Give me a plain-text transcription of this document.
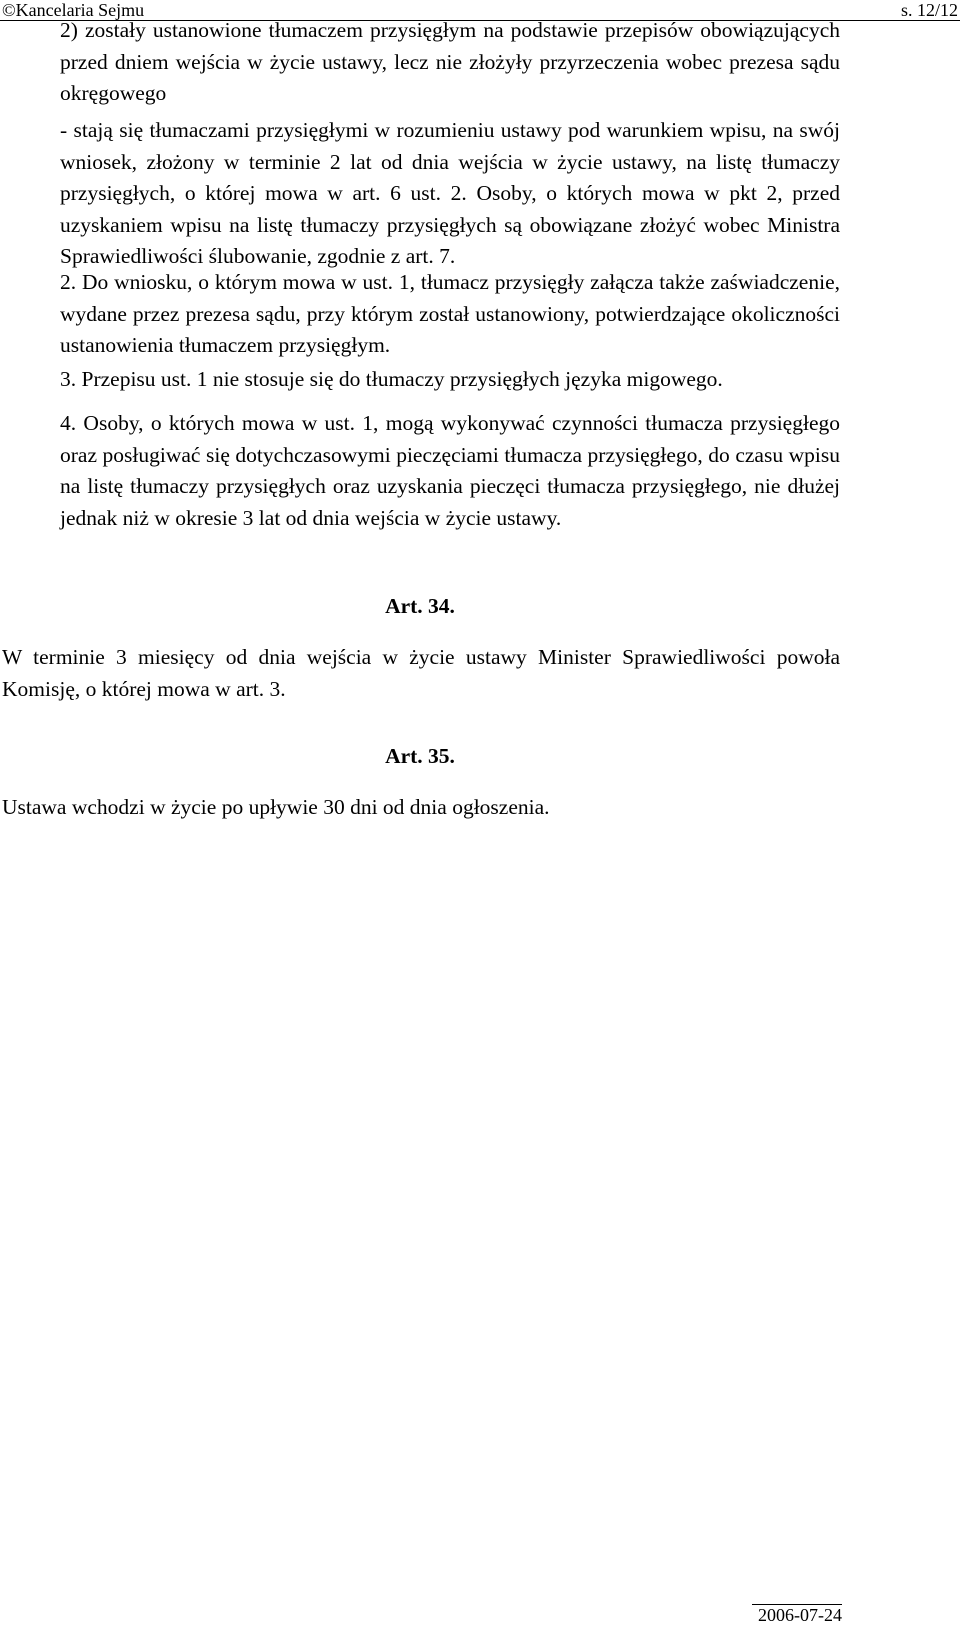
©Kancelaria Sejmu	s. 12/12

2) zostały ustanowione tłumaczem przysięgłym na podstawie przepisów obowiązujących przed dniem wejścia w życie ustawy, lecz nie złożyły przyrzeczenia wobec prezesa sądu okręgowego

- stają się tłumaczami przysięgłymi w rozumieniu ustawy pod warunkiem wpisu, na swój wniosek, złożony w terminie 2 lat od dnia wejścia w życie ustawy, na listę tłumaczy przysięgłych, o której mowa w art. 6 ust. 2. Osoby, o których mowa w pkt 2, przed uzyskaniem wpisu na listę tłumaczy przysięgłych są obowiązane złożyć wobec Ministra Sprawiedliwości ślubowanie, zgodnie z art. 7.

2. Do wniosku, o którym mowa w ust. 1, tłumacz przysięgły załącza także zaświadczenie, wydane przez prezesa sądu, przy którym został ustanowiony, potwierdzające okoliczności ustanowienia tłumaczem przysięgłym.

3. Przepisu ust. 1 nie stosuje się do tłumaczy przysięgłych języka migowego.

4. Osoby, o których mowa w ust. 1, mogą wykonywać czynności tłumacza przysięgłego oraz posługiwać się dotychczasowymi pieczęciami tłumacza przysięgłego, do czasu wpisu na listę tłumaczy przysięgłych oraz uzyskania pieczęci tłumacza przysięgłego, nie dłużej jednak niż w okresie 3 lat od dnia wejścia w życie ustawy.

Art. 34.

W terminie 3 miesięcy od dnia wejścia w życie ustawy Minister Sprawiedliwości powoła Komisję, o której mowa w art. 3.

Art. 35.

Ustawa wchodzi w życie po upływie 30 dni od dnia ogłoszenia.

2006-07-24
